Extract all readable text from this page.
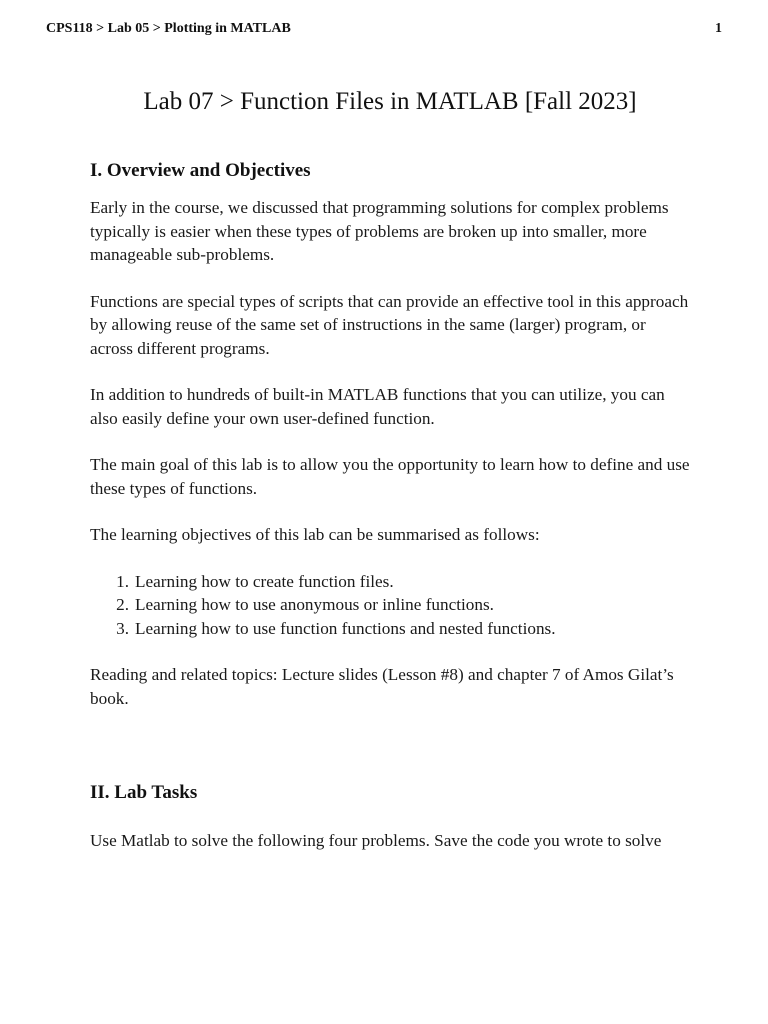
CPS118 > Lab 05 > Plotting in MATLAB	1
Lab 07 > Function Files in MATLAB [Fall 2023]
I. Overview and Objectives

Early in the course, we discussed that programming solutions for complex problems typically is easier when these types of problems are broken up into smaller, more manageable sub-problems.

Functions are special types of scripts that can provide an effective tool in this approach by allowing reuse of the same set of instructions in the same (larger) program, or across different programs.

In addition to hundreds of built-in MATLAB functions that you can utilize, you can also easily define your own user-defined function.

The main goal of this lab is to allow you the opportunity to learn how to define and use these types of functions.

The learning objectives of this lab can be summarised as follows:

1. Learning how to create function files.
2. Learning how to use anonymous or inline functions.
3. Learning how to use function functions and nested functions.

Reading and related topics: Lecture slides (Lesson #8) and chapter 7 of Amos Gilat’s book.

II. Lab Tasks

Use Matlab to solve the following four problems. Save the code you wrote to solve
